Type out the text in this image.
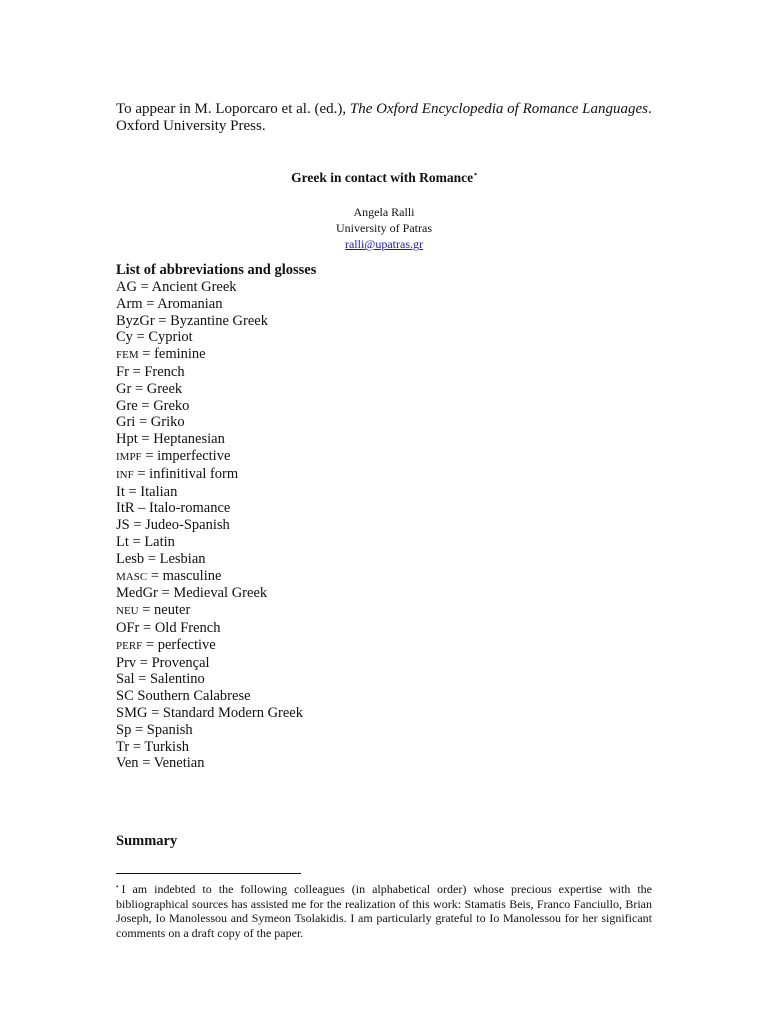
To appear in M. Loporcaro et al. (ed.), The Oxford Encyclopedia of Romance Languages. Oxford University Press.
Greek in contact with Romance•
Angela Ralli
University of Patras
ralli@upatras.gr
List of abbreviations and glosses
AG = Ancient Greek
Arm = Aromanian
ByzGr = Byzantine Greek
Cy = Cypriot
FEM = feminine
Fr = French
Gr = Greek
Gre = Greko
Gri = Griko
Hpt = Heptanesian
IMPF = imperfective
INF = infinitival form
It = Italian
ItR – Italo-romance
JS = Judeo-Spanish
Lt = Latin
Lesb = Lesbian
MASC = masculine
MedGr = Medieval Greek
NEU = neuter
OFr = Old French
PERF = perfective
Prv = Provençal
Sal = Salentino
SC Southern Calabrese
SMG = Standard Modern Greek
Sp = Spanish
Tr = Turkish
Ven = Venetian
Summary
• I am indebted to the following colleagues (in alphabetical order) whose precious expertise with the bibliographical sources has assisted me for the realization of this work: Stamatis Beis, Franco Fanciullo, Brian Joseph, Io Manolessou and Symeon Tsolakidis. I am particularly grateful to Io Manolessou for her significant comments on a draft copy of the paper.
